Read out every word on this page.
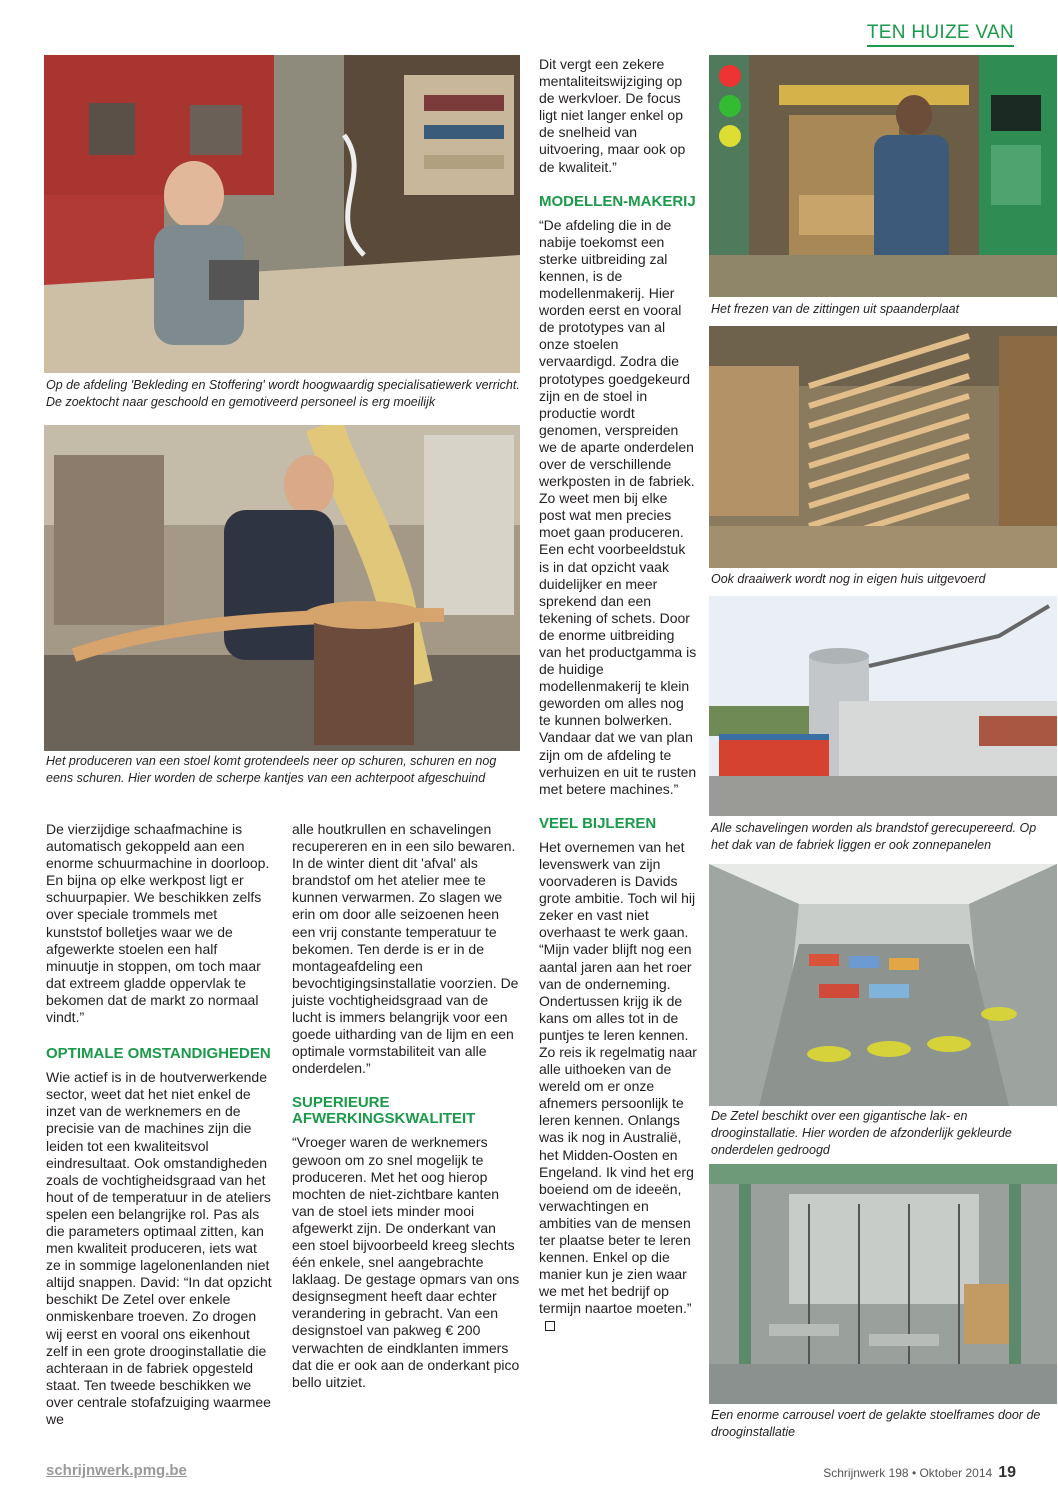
TEN HUIZE VAN
Op de afdeling 'Bekleding en Stoffering' wordt hoogwaardig specialisatiewerk verricht. De zoektocht naar geschoold en gemotiveerd personeel is erg moeilijk
Het produceren van een stoel komt grotendeels neer op schuren, schuren en nog eens schuren. Hier worden de scherpe kantjes van een achterpoot afgeschuind
Het frezen van de zittingen uit spaanderplaat
Ook draaiwerk wordt nog in eigen huis uitgevoerd
Alle schavelingen worden als brandstof gerecupereerd. Op het dak van de fabriek liggen er ook zonnepanelen
De Zetel beschikt over een gigantische lak- en drooginstallatie. Hier worden de afzonderlijk gekleurde onderdelen gedroogd
Een enorme carrousel voert de gelakte stoelframes door de drooginstallatie

De vierzijdige schaafmachine is automatisch gekoppeld aan een enorme schuurmachine in doorloop. En bijna op elke werkpost ligt er schuurpapier. We beschikken zelfs over speciale trommels met kunststof bolletjes waar we de afgewerkte stoelen een half minuutje in stoppen, om toch maar dat extreem gladde oppervlak te bekomen dat de markt zo normaal vindt.”

OPTIMALE OMSTANDIGHEDEN

Wie actief is in de houtverwerkende sector, weet dat het niet enkel de inzet van de werknemers en de precisie van de machines zijn die leiden tot een kwaliteitsvol eindresultaat. Ook omstandigheden zoals de vochtigheidsgraad van het hout of de temperatuur in de ateliers spelen een belangrijke rol. Pas als die parameters optimaal zitten, kan men kwaliteit produceren, iets wat ze in sommige lagelonenlanden niet altijd snappen. David: “In dat opzicht beschikt De Zetel over enkele onmiskenbare troeven. Zo drogen wij eerst en vooral ons eikenhout zelf in een grote drooginstallatie die achteraan in de fabriek opgesteld staat. Ten tweede beschikken we over centrale stofafzuiging waarmee we

alle houtkrullen en schavelingen recupereren en in een silo bewaren. In de winter dient dit 'afval' als brandstof om het atelier mee te kunnen verwarmen. Zo slagen we erin om door alle seizoenen heen een vrij constante temperatuur te bekomen. Ten derde is er in de montageafdeling een bevochtigingsinstallatie voorzien. De juiste vochtigheidsgraad van de lucht is immers belangrijk voor een goede uitharding van de lijm en een optimale vormstabiliteit van alle onderdelen.”

SUPERIEURE AFWERKINGSKWALITEIT

“Vroeger waren de werknemers gewoon om zo snel mogelijk te produceren. Met het oog hierop mochten de niet-zichtbare kanten van de stoel iets minder mooi afgewerkt zijn. De onderkant van een stoel bijvoorbeeld kreeg slechts één enkele, snel aangebrachte laklaag. De gestage opmars van ons designsegment heeft daar echter verandering in gebracht. Van een designstoel van pakweg € 200 verwachten de eindklanten immers dat die er ook aan de onderkant pico bello uitziet.

Dit vergt een zekere mentaliteitswijziging op de werkvloer. De focus ligt niet langer enkel op de snelheid van uitvoering, maar ook op de kwaliteit.”

MODELLEN-MAKERIJ

“De afdeling die in de nabije toekomst een sterke uitbreiding zal kennen, is de modellenmakerij. Hier worden eerst en vooral de prototypes van al onze stoelen vervaardigd. Zodra die prototypes goedgekeurd zijn en de stoel in productie wordt genomen, verspreiden we de aparte onderdelen over de verschillende werkposten in de fabriek. Zo weet men bij elke post wat men precies moet gaan produceren. Een echt voorbeeldstuk is in dat opzicht vaak duidelijker en meer sprekend dan een tekening of schets. Door de enorme uitbreiding van het productgamma is de huidige modellenmakerij te klein geworden om alles nog te kunnen bolwerken. Vandaar dat we van plan zijn om de afdeling te verhuizen en uit te rusten met betere machines.”

VEEL BIJLEREN

Het overnemen van het levenswerk van zijn voorvaderen is Davids grote ambitie. Toch wil hij zeker en vast niet overhaast te werk gaan. “Mijn vader blijft nog een aantal jaren aan het roer van de onderneming. Ondertussen krijg ik de kans om alles tot in de puntjes te leren kennen. Zo reis ik regelmatig naar alle uithoeken van de wereld om er onze afnemers persoonlijk te leren kennen. Onlangs was ik nog in Australië, het Midden-Oosten en Engeland. Ik vind het erg boeiend om de ideeën, verwachtingen en ambities van de mensen ter plaatse beter te leren kennen. Enkel op die manier kun je zien waar we met het bedrijf op termijn naartoe moeten.”

schrijnwerk.pmg.be	Schrijnwerk 198 • Oktober 2014 19
